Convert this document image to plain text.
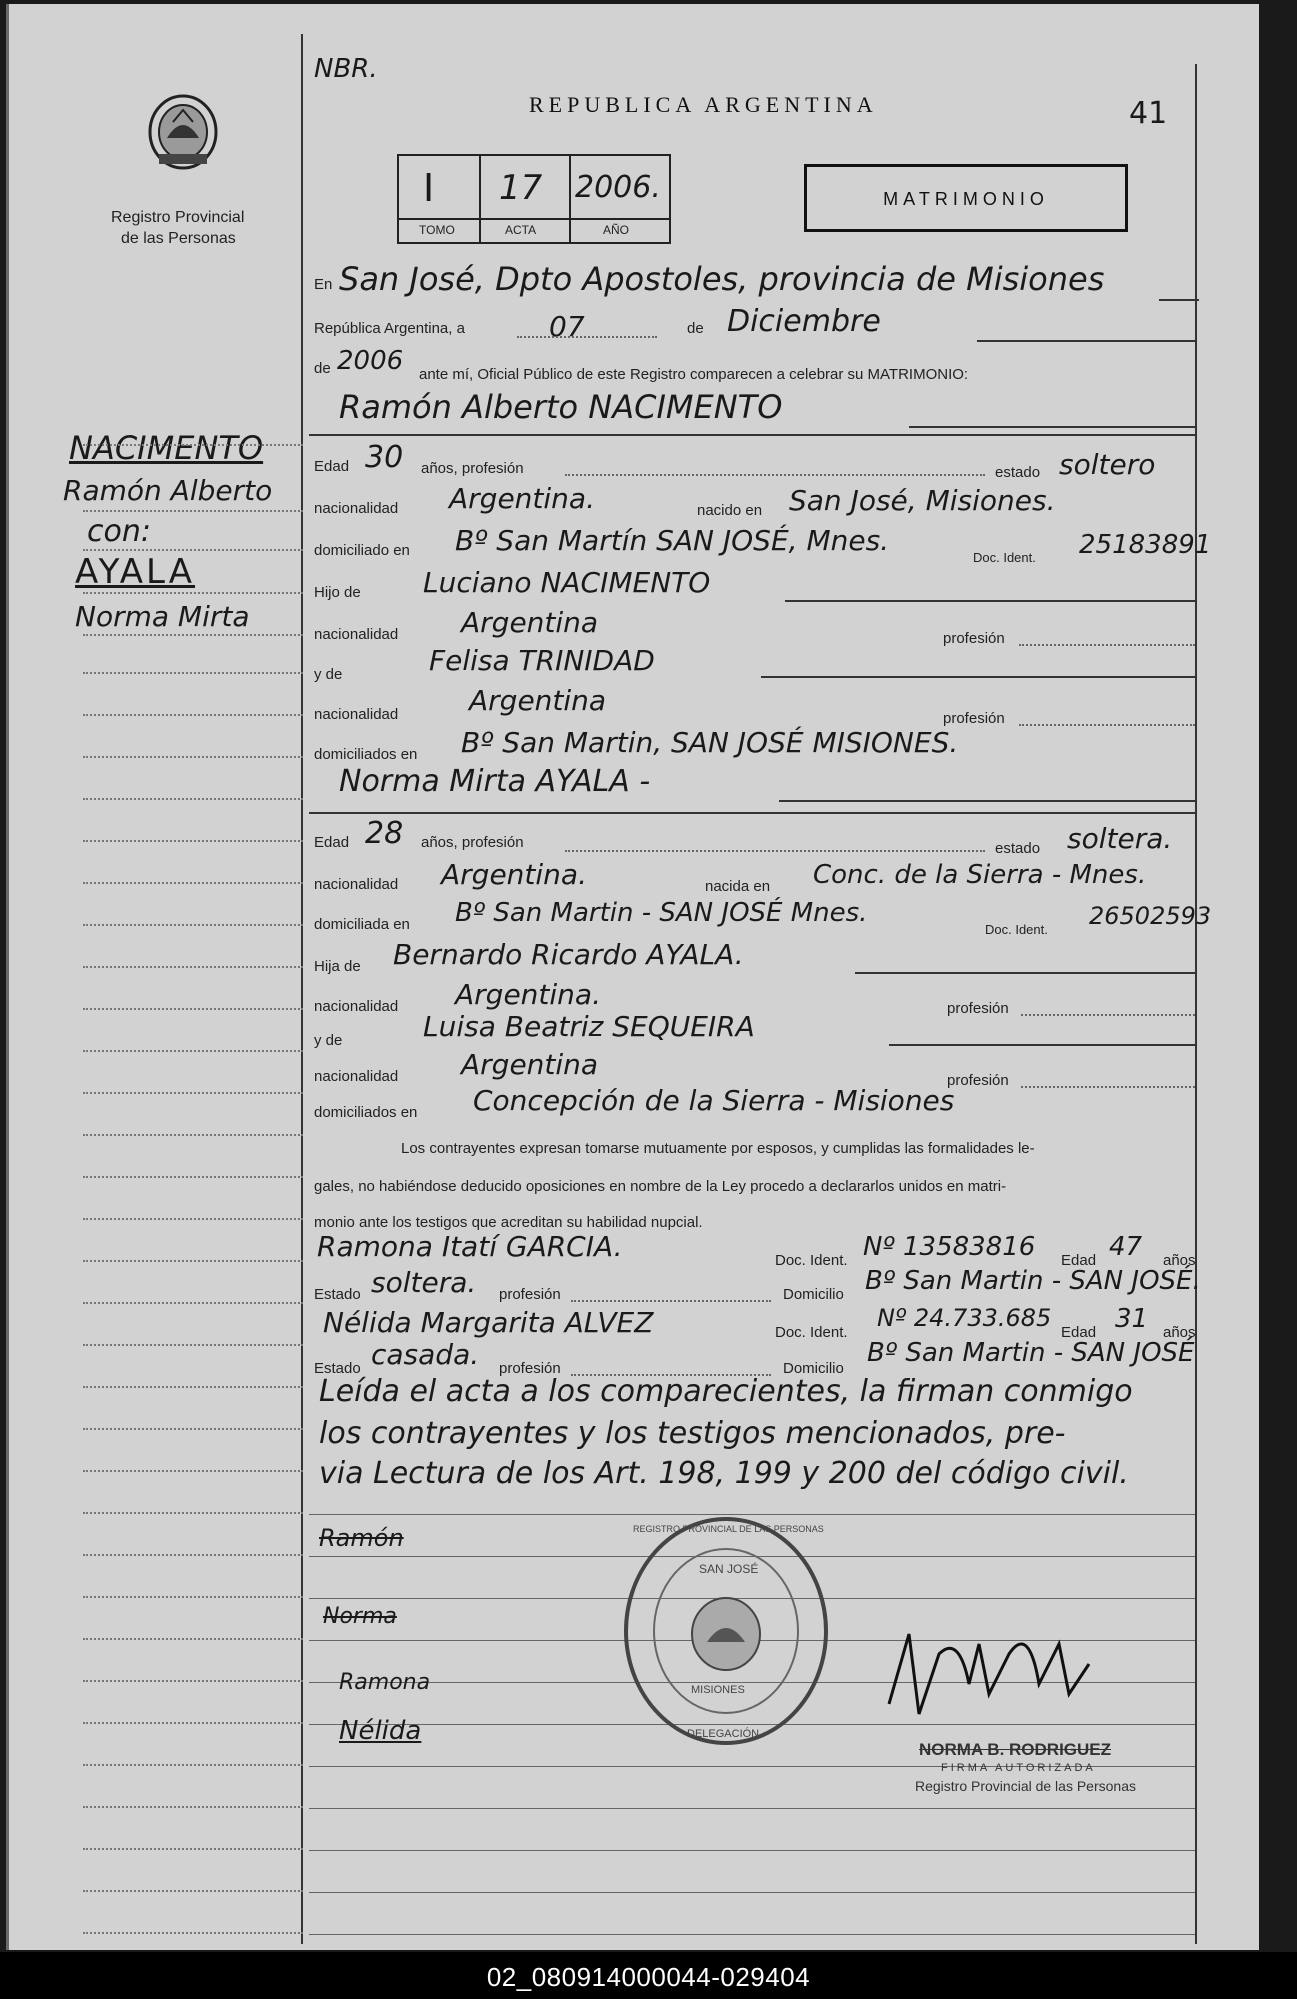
Registro Provincial
de las Personas
NBR.
REPUBLICA ARGENTINA	41
I 17 2006.
TOMO	ACTA	AÑO
MATRIMONIO
NACIMENTO
Ramón Alberto
con:
AYALA
Norma Mirta
En San José, Dpto Apostoles, provincia de Misiones
República Argentina, a	07	de Diciembre
de 2006 ante mí, Oficial Público de este Registro comparecen a celebrar su MATRIMONIO:
Ramón Alberto NACIMENTO
Edad 30 años, profesión	estado soltero
nacionalidad Argentina.	nacido en San José, Misiones.
domiciliado en Bº San Martín SAN JOSÉ, Mnes.
Doc. Ident. 25183891
Hijo de Luciano NACIMENTO
nacionalidad Argentina	profesión
y de	Felisa TRINIDAD
nacionalidad	Argentina
profesión
domiciliados en Bº San Martin, SAN JOSÉ MISIONES.
Norma Mirta AYALA -
Edad 28 años, profesión	estado soltera.
nacionalidad Argentina.	nacida en Conc. de la Sierra - Mnes.
domiciliada en Bº San Martin - SAN JOSÉ Mnes.
Doc. Ident. 26502593
Hija de Bernardo Ricardo AYALA.
nacionalidad Argentina.	profesión
y de	Luisa Beatriz SEQUEIRA
nacionalidad Argentina	profesión
domiciliados en Concepción de la Sierra - Misiones
Los contrayentes expresan tomarse mutuamente por esposos, y cumplidas las formalidades le-
gales, no habiéndose deducido oposiciones en nombre de la Ley procedo a declararlos unidos en matri-
monio ante los testigos que acreditan su habilidad nupcial.
Ramona Itatí GARCIA.	Doc. Ident. Nº 13583816 Edad 47 años
Estado soltera. profesión	Domicilio Bº San Martin - SAN JOSÉ.
Nélida Margarita ALVEZ	Doc. Ident.
Nº 24.733.685
Edad 31 años
Estado casada. profesión	Domicilio
Bº San Martin - SAN JOSÉ
Leída el acta a los comparecientes, la firman conmigo
los contrayentes y los testigos mencionados, pre-
via Lectura de los Art. 198, 199 y 200 del código civil.
Ramón
Norma
Ramona
Nélida
REGISTRO PROVINCIAL DE LAS PERSONAS
SAN JOSÉ
MISIONES
DELEGACIÓN
NORMA B. RODRIGUEZ
FIRMA AUTORIZADA
Registro Provincial de las Personas
02_080914000044-029404
